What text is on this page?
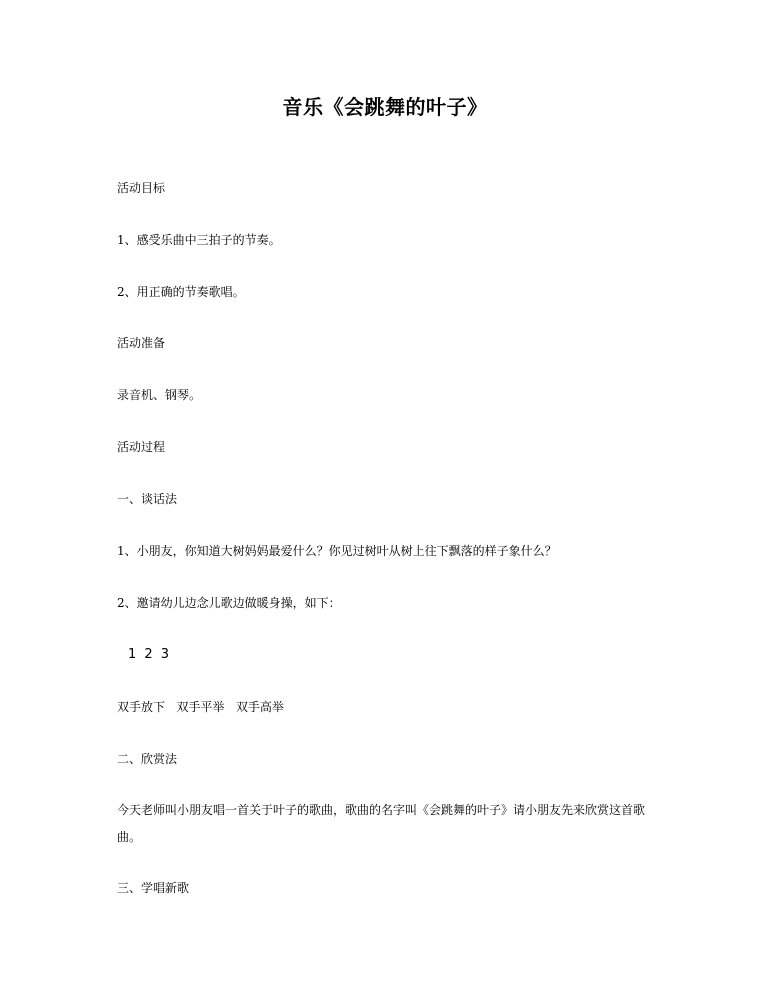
音乐《会跳舞的叶子》
活动目标
1、感受乐曲中三拍子的节奏。
2、用正确的节奏歌唱。
活动准备
录音机、钢琴。
活动过程
一、谈话法
1、小朋友，你知道大树妈妈最爱什么？你见过树叶从树上往下飘落的样子象什么？
2、邀请幼儿边念儿歌边做暖身操，如下：
1 2 3
双手放下   双手平举   双手高举
二、欣赏法
今天老师叫小朋友唱一首关于叶子的歌曲，歌曲的名字叫《会跳舞的叶子》请小朋友先来欣赏这首歌曲。
三、学唱新歌
